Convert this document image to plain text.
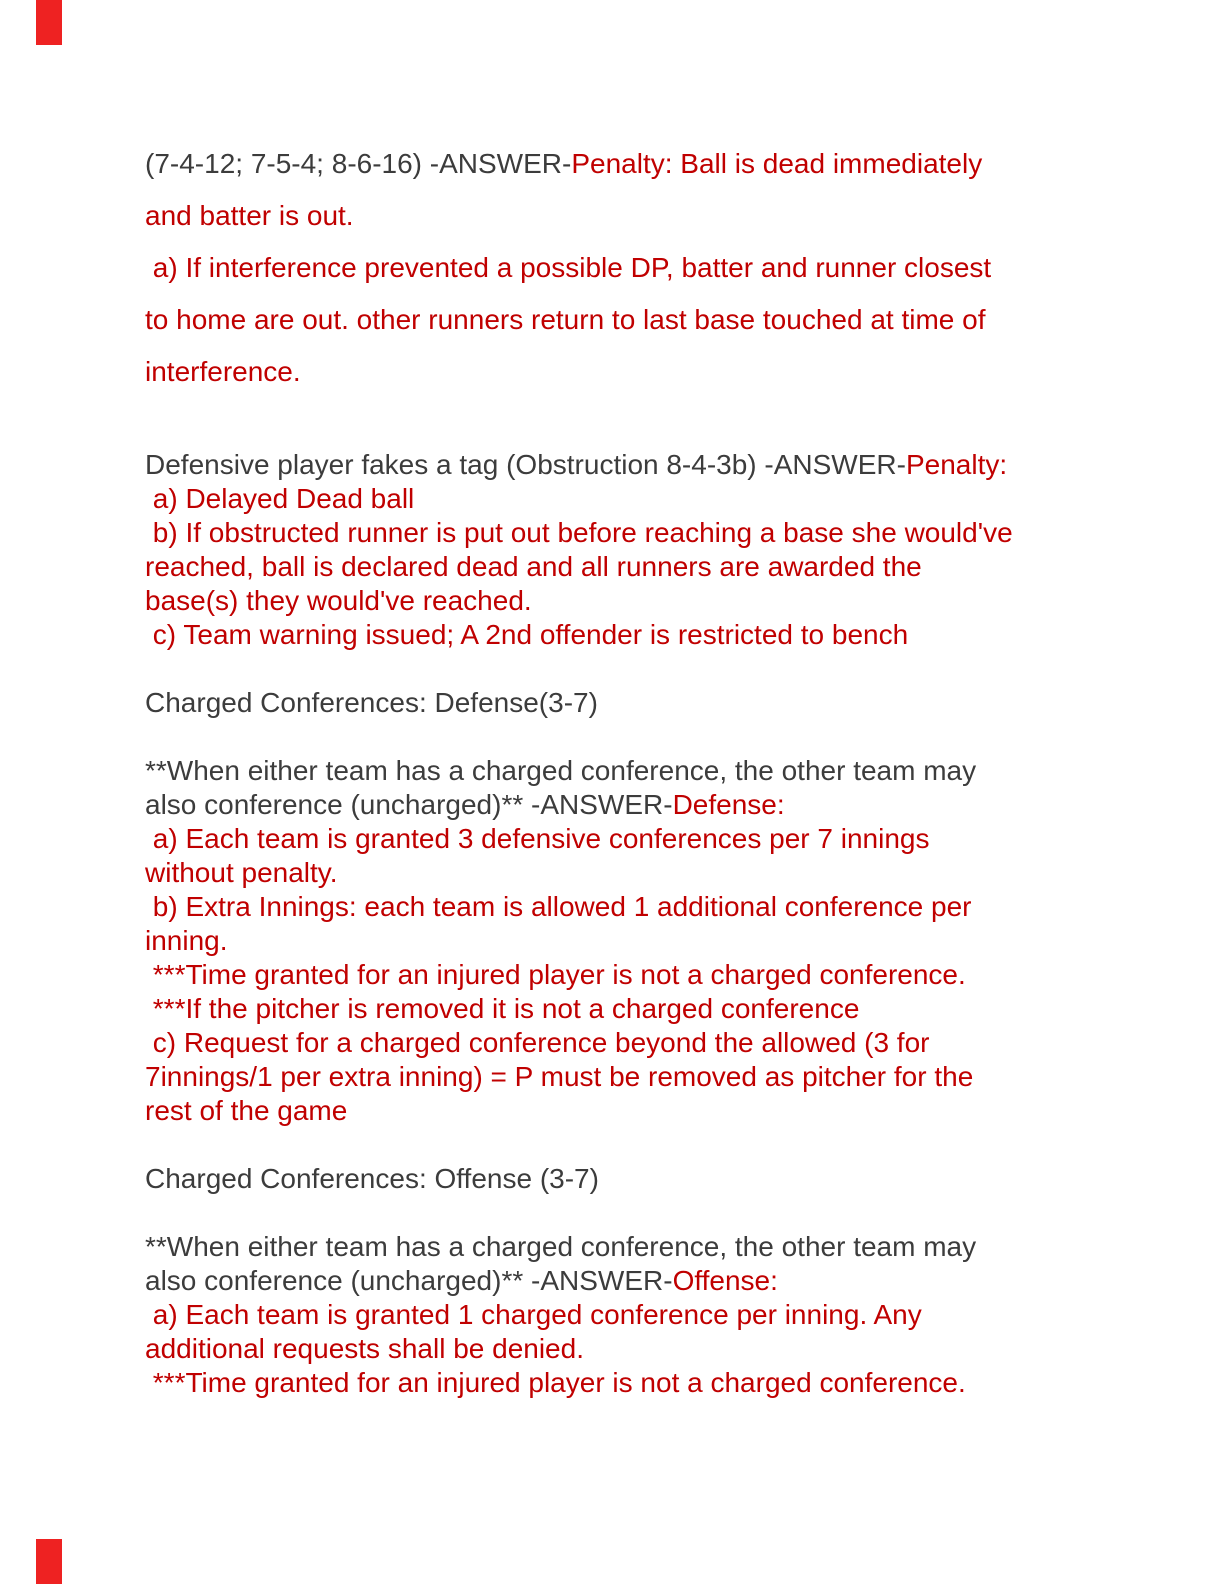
(7-4-12; 7-5-4; 8-6-16) -ANSWER-Penalty: Ball is dead immediately
and batter is out.
a) If interference prevented a possible DP, batter and runner closest
to home are out. other runners return to last base touched at time of
interference.
Defensive player fakes a tag (Obstruction 8-4-3b) -ANSWER-Penalty:
a) Delayed Dead ball
b) If obstructed runner is put out before reaching a base she would've
reached, ball is declared dead and all runners are awarded the
base(s) they would've reached.
c) Team warning issued; A 2nd offender is restricted to bench
Charged Conferences: Defense(3-7)
**When either team has a charged conference, the other team may
also conference (uncharged)** -ANSWER-Defense:
a) Each team is granted 3 defensive conferences per 7 innings
without penalty.
b) Extra Innings: each team is allowed 1 additional conference per
inning.
***Time granted for an injured player is not a charged conference.
***If the pitcher is removed it is not a charged conference
c) Request for a charged conference beyond the allowed (3 for
7innings/1 per extra inning) = P must be removed as pitcher for the
rest of the game
Charged Conferences: Offense (3-7)
**When either team has a charged conference, the other team may
also conference (uncharged)** -ANSWER-Offense:
a) Each team is granted 1 charged conference per inning. Any
additional requests shall be denied.
***Time granted for an injured player is not a charged conference.
